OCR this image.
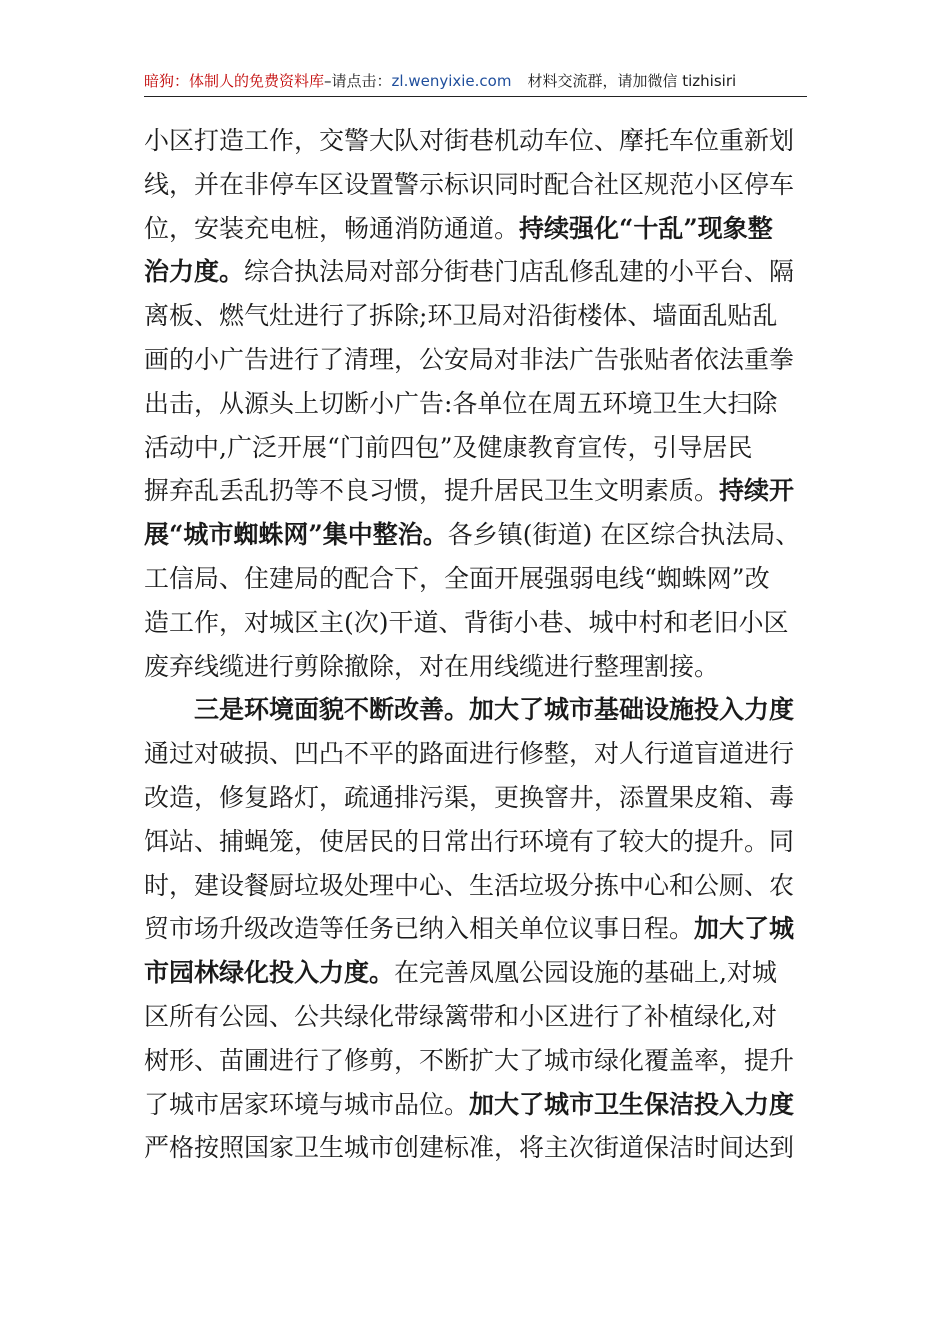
暗狗：体制人的免费资料库–请点击：zl.wenyixie.com 材料交流群，请加微信 tizhisiri
小区打造工作，交警大队对街巷机动车位、摩托车位重新划
线，并在非停车区设置警示标识同时配合社区规范小区停车
位，安装充电桩，畅通消防通道。持续强化“十乱”现象整
治力度。综合执法局对部分街巷门店乱修乱建的小平台、隔
离板、燃气灶进行了拆除;环卫局对沿街楼体、墙面乱贴乱
画的小广告进行了清理，公安局对非法广告张贴者依法重拳
出击，从源头上切断小广告:各单位在周五环境卫生大扫除
活动中,广泛开展“门前四包”及健康教育宣传，引导居民
摒弃乱丢乱扔等不良习惯，提升居民卫生文明素质。持续开
展“城市蜘蛛网”集中整治。各乡镇(街道) 在区综合执法局、
工信局、住建局的配合下，全面开展强弱电线“蜘蛛网”改
造工作，对城区主(次)干道、背街小巷、城中村和老旧小区
废弃线缆进行剪除撤除，对在用线缆进行整理割接。
三是环境面貌不断改善。加大了城市基础设施投入力度
通过对破损、凹凸不平的路面进行修整，对人行道盲道进行
改造，修复路灯，疏通排污渠，更换窨井，添置果皮箱、毒
饵站、捕蝇笼，使居民的日常出行环境有了较大的提升。同
时，建设餐厨垃圾处理中心、生活垃圾分拣中心和公厕、农
贸市场升级改造等任务已纳入相关单位议事日程。加大了城
市园林绿化投入力度。在完善凤凰公园设施的基础上,对城
区所有公园、公共绿化带绿篱带和小区进行了补植绿化,对
树形、苗圃进行了修剪，不断扩大了城市绿化覆盖率，提升
了城市居家环境与城市品位。加大了城市卫生保洁投入力度
严格按照国家卫生城市创建标准，将主次街道保洁时间达到
